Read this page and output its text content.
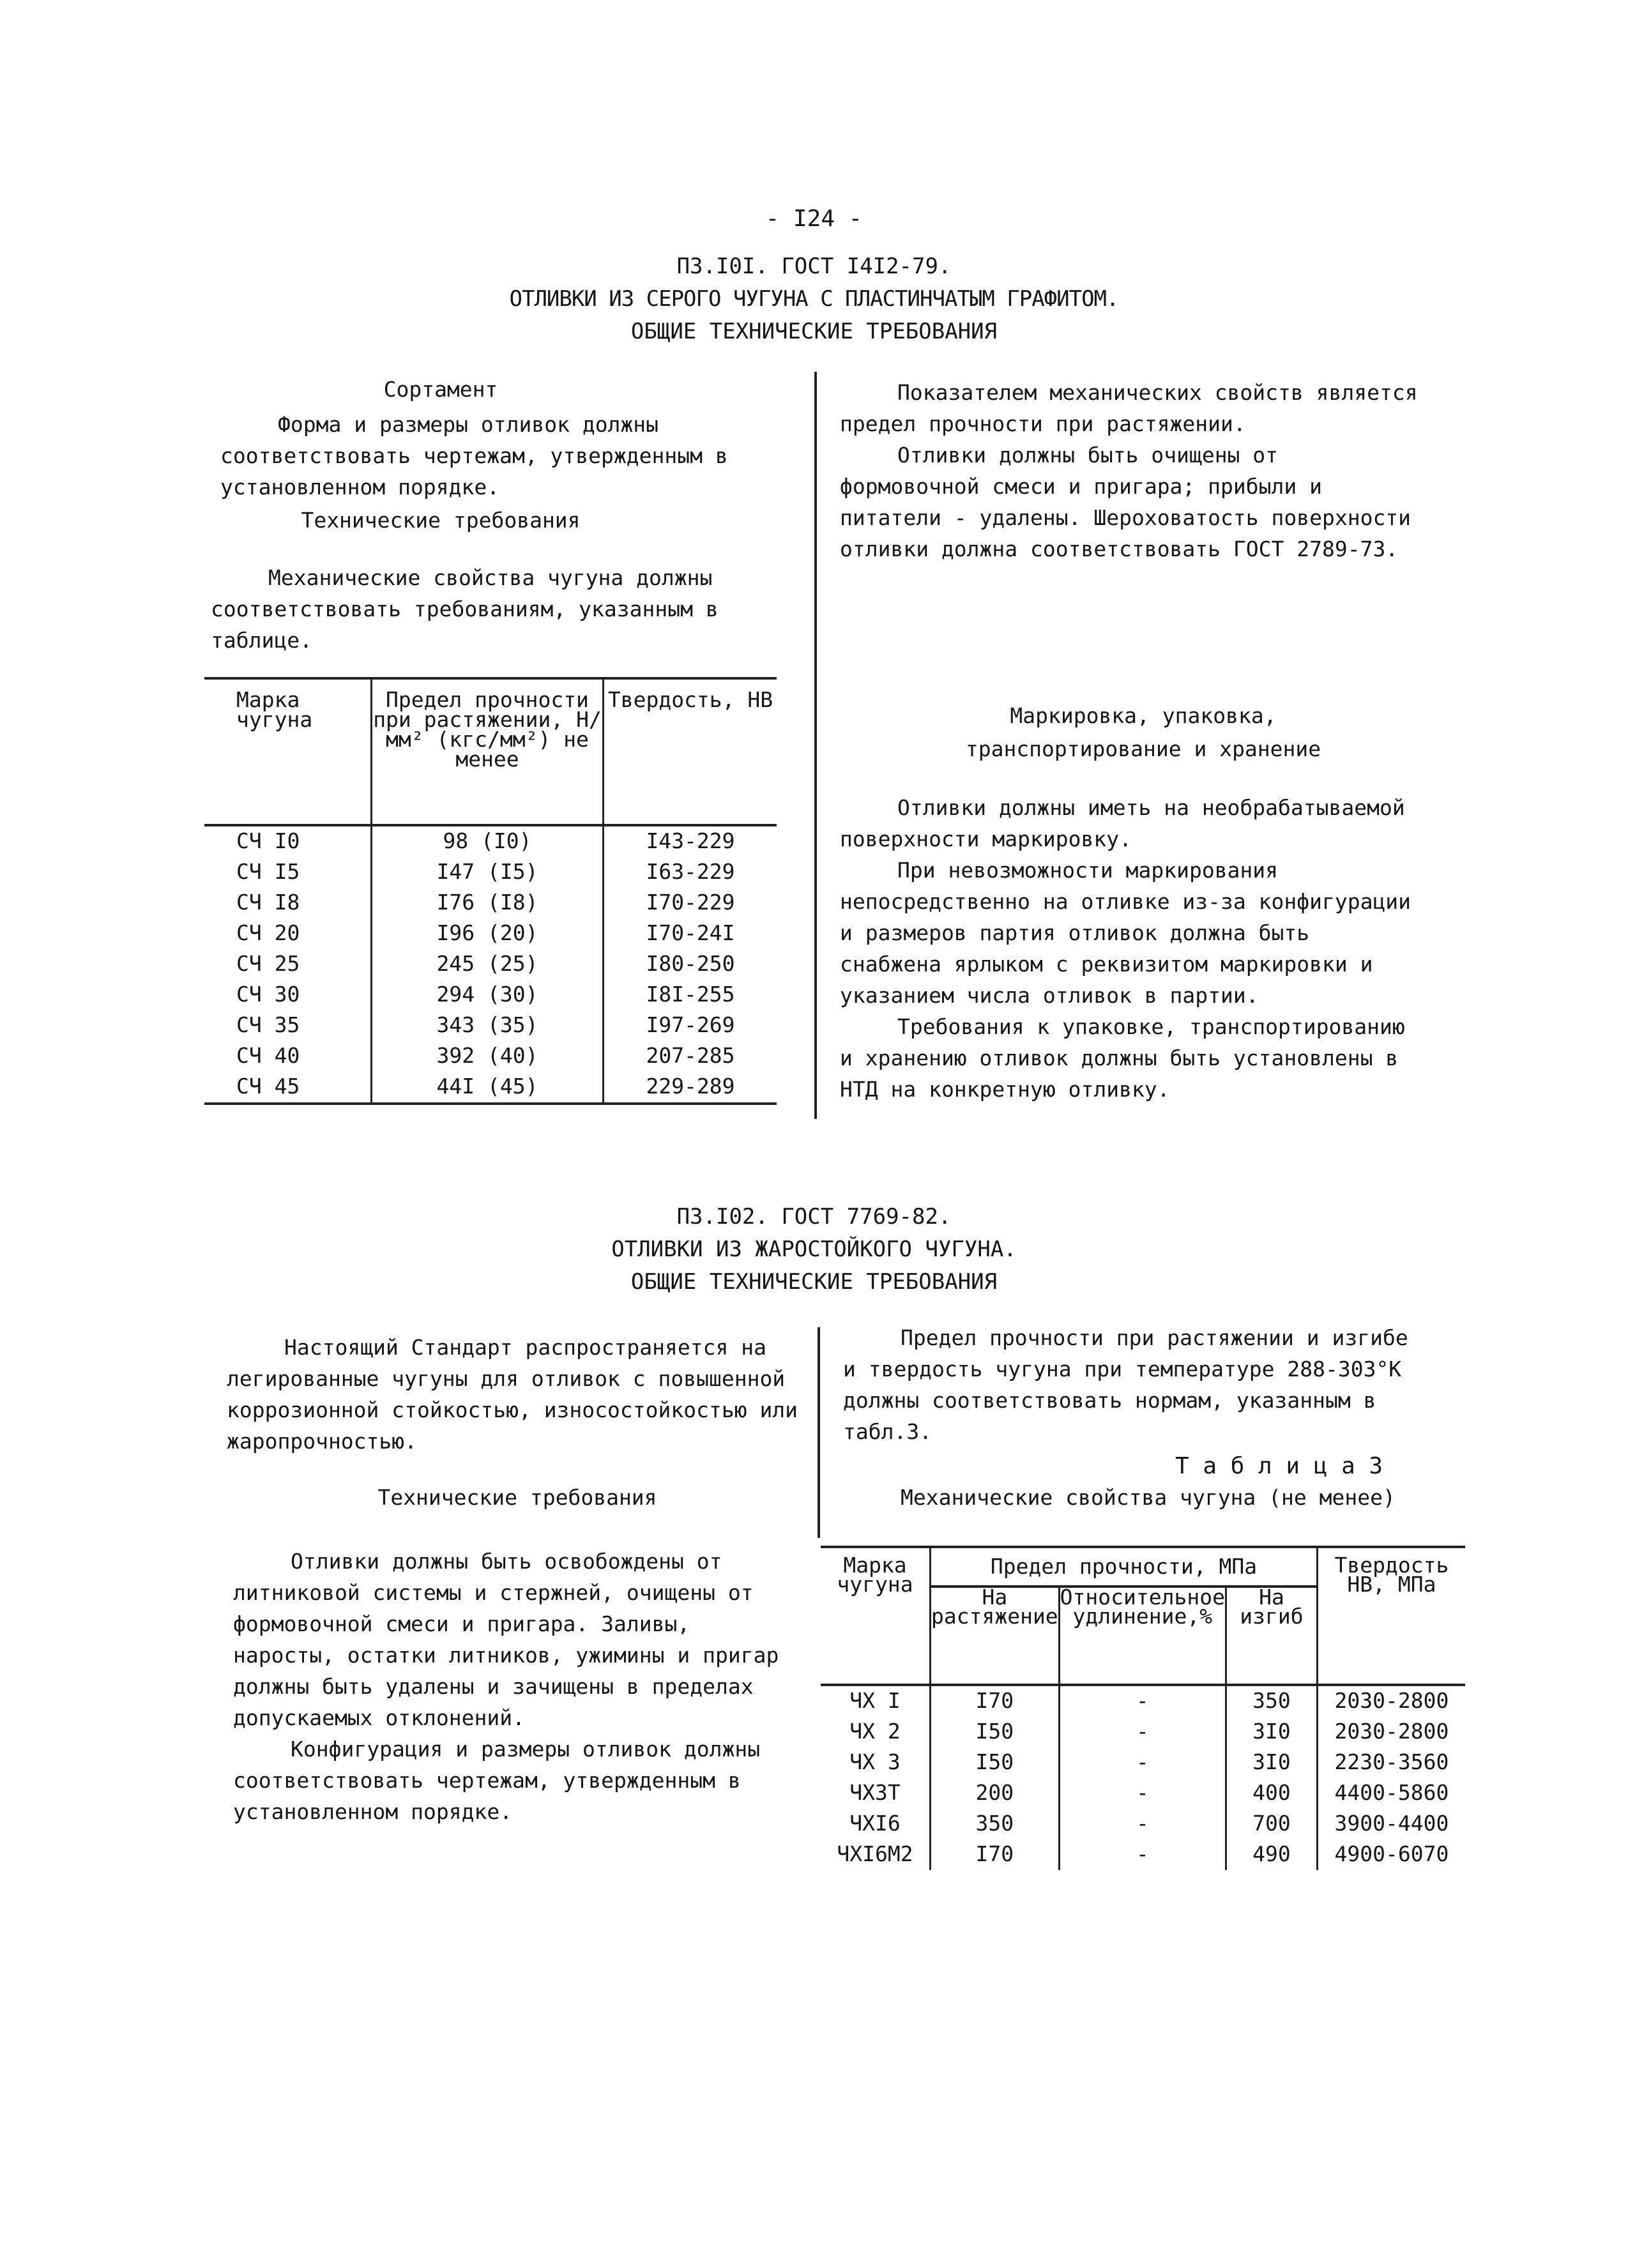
- I24 -
П3.I0I. ГОСТ I4I2-79.
ОТЛИВКИ ИЗ СЕРОГО ЧУГУНА С ПЛАСТИНЧАТЫМ ГРАФИТОМ.
ОБЩИЕ ТЕХНИЧЕСКИЕ ТРЕБОВАНИЯ
Сортамент

Форма и размеры отливок должны соответствовать чертежам, утвержденным в установленном порядке.

Технические требования

Механические свойства чугуна должны соответствовать требованиям, указанным в таблице.

Марка чугуна	Предел прочности при растяжении, Н/мм² (кгс/мм²) не менее	Твердость, НВ
СЧ I0	98 (I0)	I43-229
СЧ I5	I47 (I5)	I63-229
СЧ I8	I76 (I8)	I70-229
СЧ 20	I96 (20)	I70-24I
СЧ 25	245 (25)	I80-250
СЧ 30	294 (30)	I8I-255
СЧ 35	343 (35)	I97-269
СЧ 40	392 (40)	207-285
СЧ 45	44I (45)	229-289

Показателем механических свойств является предел прочности при растяжении.

Отливки должны быть очищены от формовочной смеси и пригара; прибыли и питатели - удалены. Шероховатость поверхности отливки должна соответствовать ГОСТ 2789-73.

Маркировка, упаковка,
транспортирование и хранение

Отливки должны иметь на необрабатываемой поверхности маркировку.

При невозможности маркирования непосредственно на отливке из-за конфигурации и размеров партия отливок должна быть снабжена ярлыком с реквизитом маркировки и указанием числа отливок в партии.

Требования к упаковке, транспортированию и хранению отливок должны быть установлены в НТД на конкретную отливку.

П3.I02. ГОСТ 7769-82.
ОТЛИВКИ ИЗ ЖАРОСТОЙКОГО ЧУГУНА.
ОБЩИЕ ТЕХНИЧЕСКИЕ ТРЕБОВАНИЯ

Настоящий Стандарт распространяется на легированные чугуны для отливок с повышенной коррозионной стойкостью, износостойкостью или жаропрочностью.

Технические требования

Отливки должны быть освобождены от литниковой системы и стержней, очищены от формовочной смеси и пригара. Заливы, наросты, остатки литников, ужимины и пригар должны быть удалены и зачищены в пределах допускаемых отклонений.

Конфигурация и размеры отливок должны соответствовать чертежам, утвержденным в установленном порядке.

Предел прочности при растяжении и изгибе и твердость чугуна при температуре 288-303°К должны соответствовать нормам, указанным в табл.3.

Т а б л и ц а 3
Механические свойства чугуна (не менее)
Марка чугуна	Предел прочности, МПа			Твердость НВ, МПа
	На растяжение	Относительное удлинение,%	На изгиб	
ЧХ I	I70	-	350	2030-2800
ЧХ 2	I50	-	3I0	2030-2800
ЧХ 3	I50	-	3I0	2230-3560
ЧХ3Т	200	-	400	4400-5860
ЧХI6	350	-	700	3900-4400
ЧХI6М2	I70	-	490	4900-6070
